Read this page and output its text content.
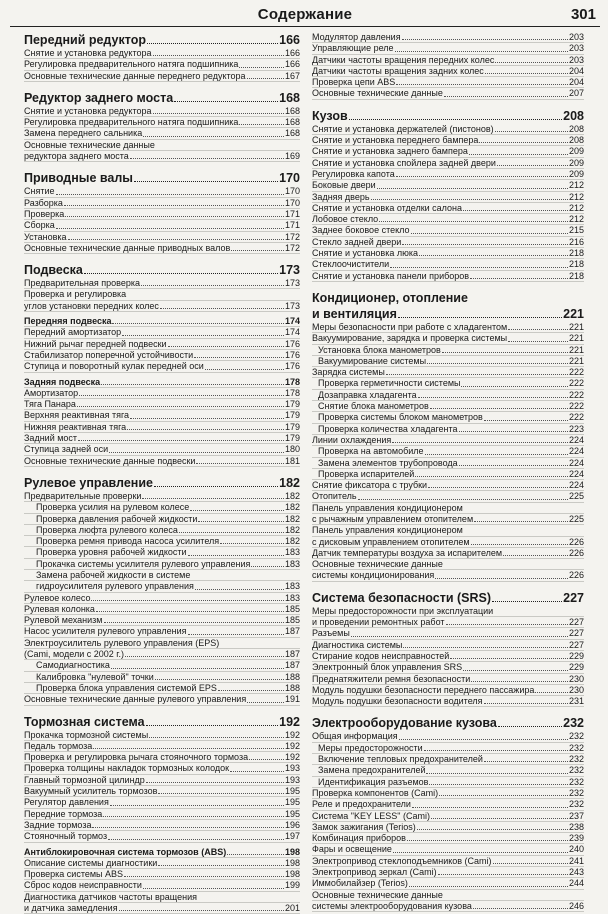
Содержание	301
Передний редуктор	166
Снятие и установка редуктора	166
Регулировка предварительного натяга подшипника	166
Основные технические данные переднего редуктора	167
Редуктор заднего моста	168
Снятие и установка редуктора	168
Регулировка предварительного натяга подшипника	168
Замена переднего сальника	168
Основные технические данные
редуктора заднего моста	169
Приводные валы	170
Снятие	170
Разборка	170
Проверка	171
Сборка	171
Установка	172
Основные технические данные приводных валов	172
Подвеска	173
Предварительная проверка	173
Проверка и регулировка
углов установки передних колес	173
Передняя подвеска	174
Передний амортизатор	174
Нижний рычаг передней подвески	176
Стабилизатор поперечной устойчивости	176
Ступица и поворотный кулак передней оси	176
Задняя подвеска	178
Амортизатор	178
Тяга Панара	179
Верхняя реактивная тяга	179
Нижняя реактивная тяга	179
Задний мост	179
Ступица задней оси	180
Основные технические данные подвески	181
Рулевое управление	182
Предварительные проверки	182
Проверка усилия на рулевом колесе	182
Проверка давления рабочей жидкости	182
Проверка люфта рулевого колеса	182
Проверка ремня привода насоса усилителя	182
Проверка уровня рабочей жидкости	183
Прокачка системы усилителя рулевого управления	183
Замена рабочей жидкости в системе
гидроусилителя рулевого управления	183
Рулевое колесо	183
Рулевая колонка	185
Рулевой механизм	185
Насос усилителя рулевого управления	187
Электроусилитель рулевого управления (EPS)
(Cami, модели с 2002 г.)	187
Самодиагностика	187
Калибровка "нулевой" точки	188
Проверка блока управления системой EPS	188
Основные технические данные рулевого управления	191
Тормозная система	192
Прокачка тормозной системы	192
Педаль тормоза	192
Проверка и регулировка рычага стояночного тормоза	192
Проверка толщины накладок тормозных колодок	193
Главный тормозной цилиндр	193
Вакуумный усилитель тормозов	195
Регулятор давления	195
Передние тормоза	195
Задние тормоза	196
Стояночный тормоз	197
Антиблокировочная система тормозов (ABS)	198
Описание системы диагностики	198
Проверка системы ABS	198
Сброс кодов неисправности	199
Диагностика датчиков частоты вращения
и датчика замедления	201
Модулятор давления	203
Управляющие реле	203
Датчики частоты вращения передних колес	203
Датчики частоты вращения задних колес	204
Проверка цепи ABS	204
Основные технические данные	207
Кузов	208
Снятие и установка держателей (пистонов)	208
Снятие и установка переднего бампера	208
Снятие и установка заднего бампера	209
Снятие и установка спойлера задней двери	209
Регулировка капота	209
Боковые двери	212
Задняя дверь	212
Снятие и установка отделки салона	212
Лобовое стекло	212
Заднее боковое стекло	215
Стекло задней двери	216
Снятие и установка люка	218
Стеклоочистители	218
Снятие и установка панели приборов	218
Кондиционер, отопление
и вентиляция	221
Меры безопасности при работе с хладагентом	221
Вакуумирование, зарядка и проверка системы	221
Установка блока манометров	221
Вакуумирование системы	221
Зарядка системы	222
Проверка герметичности системы	222
Дозаправка хладагента	222
Снятие блока манометров	222
Проверка системы блоком манометров	222
Проверка количества хладагента	223
Линии охлаждения	224
Проверка на автомобиле	224
Замена элементов трубопровода	224
Проверка испарителей	224
Снятие фиксатора с трубки	224
Отопитель	225
Панель управления кондиционером
с рычажным управлением отопителем	225
Панель управления кондиционером
с дисковым управлением отопителем	226
Датчик температуры воздуха за испарителем	226
Основные технические данные
системы кондиционирования	226
Система безопасности (SRS)	227
Меры предосторожности при эксплуатации
и проведении ремонтных работ	227
Разъемы	227
Диагностика системы	227
Стирание кодов неисправностей	229
Электронный блок управления SRS	229
Преднатяжители ремня безопасности	230
Модуль подушки безопасности переднего пассажира	230
Модуль подушки безопасности водителя	231
Электрооборудование кузова	232
Общая информация	232
Меры предосторожности	232
Включение тепловых предохранителей	232
Замена предохранителей	232
Идентификация разъемов	232
Проверка компонентов (Cami)	232
Реле и предохранители	232
Система "KEY LESS" (Cami)	237
Замок зажигания (Terios)	238
Комбинация приборов	239
Фары и освещение	240
Электропривод стеклоподъемников (Cami)	241
Электропривод зеркал (Cami)	243
Иммобилайзер (Terios)	244
Основные технические данные
системы электрооборудования кузова	246
